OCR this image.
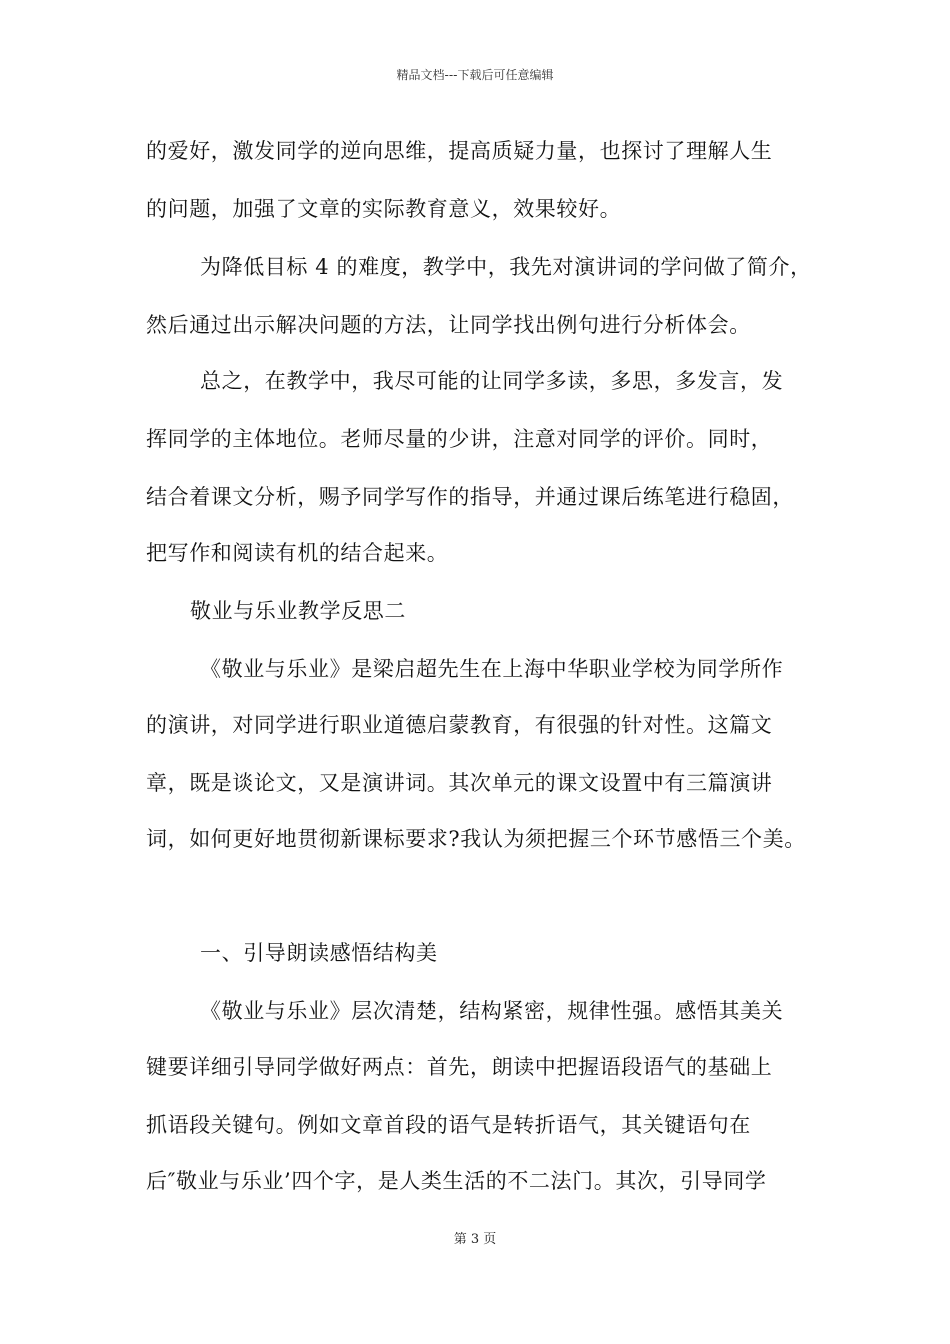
精品文档---下载后可任意编辑
的爱好，激发同学的逆向思维，提高质疑力量，也探讨了理解人生
的问题，加强了文章的实际教育意义，效果较好。
为降低目标 4 的难度，教学中，我先对演讲词的学问做了简介，
然后通过出示解决问题的方法，让同学找出例句进行分析体会。
总之，在教学中，我尽可能的让同学多读，多思，多发言，发
挥同学的主体地位。老师尽量的少讲，注意对同学的评价。同时，
结合着课文分析，赐予同学写作的指导，并通过课后练笔进行稳固，
把写作和阅读有机的结合起来。
敬业与乐业教学反思二
《敬业与乐业》是梁启超先生在上海中华职业学校为同学所作
的演讲，对同学进行职业道德启蒙教育，有很强的针对性。这篇文
章，既是谈论文，又是演讲词。其次单元的课文设置中有三篇演讲
词，如何更好地贯彻新课标要求?我认为须把握三个环节感悟三个美。
一、引导朗读感悟结构美
《敬业与乐业》层次清楚，结构紧密，规律性强。感悟其美关
键要详细引导同学做好两点：首先，朗读中把握语段语气的基础上
抓语段关键句。例如文章首段的语气是转折语气，其关键语句在
后″敬业与乐业’四个字，是人类生活的不二法门。其次，引导同学
第 3 页
